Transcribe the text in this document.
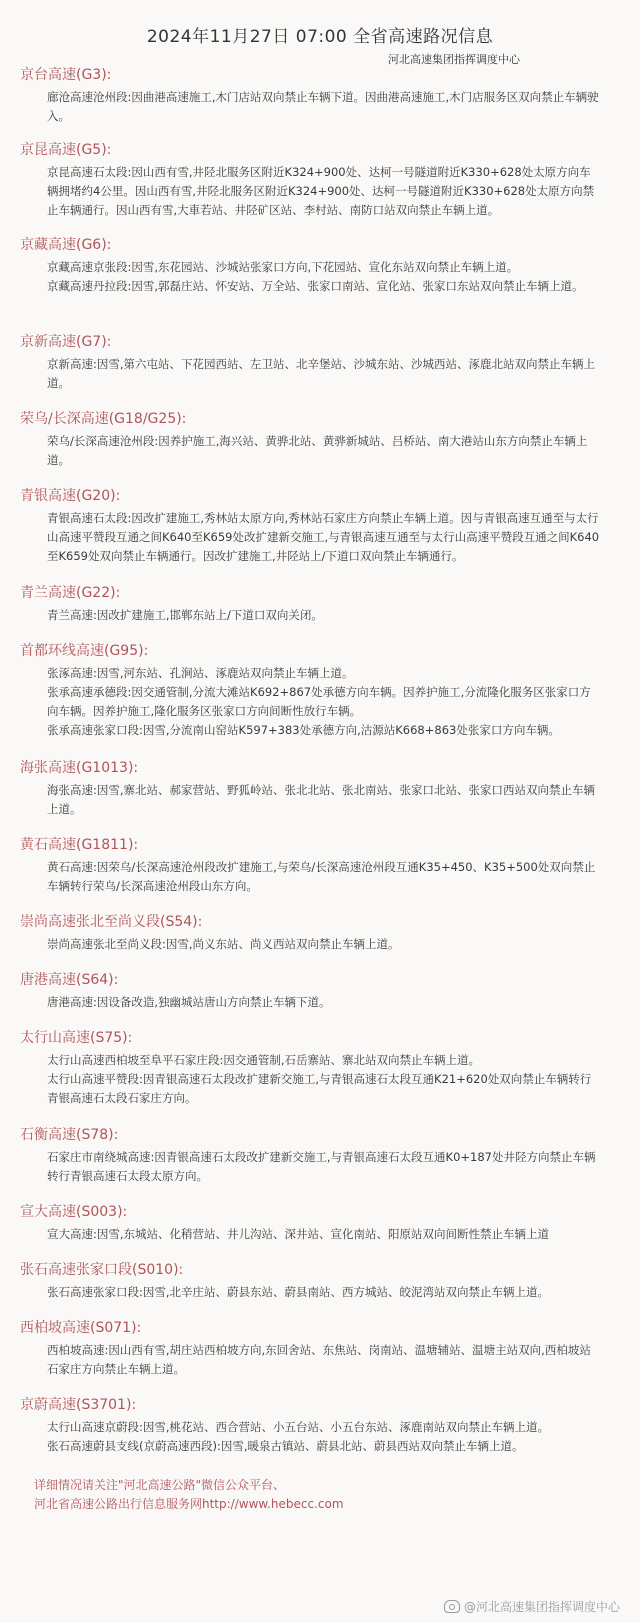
2024年11月27日 07:00 全省高速路况信息
河北高速集团指挥调度中心
京台高速(G3):
廊沧高速沧州段:因曲港高速施工,木门店站双向禁止车辆下道。因曲港高速施工,木门店服务区双向禁止车辆驶入。
京昆高速(G5):
京昆高速石太段:因山西有雪,井陉北服务区附近K324+900处、达柯一号隧道附近K330+628处太原方向车辆拥堵约4公里。因山西有雪,井陉北服务区附近K324+900处、达柯一号隧道附近K330+628处太原方向禁止车辆通行。因山西有雪,大車若站、井陉矿区站、李村站、南防口站双向禁止车辆上道。
京藏高速(G6):
京藏高速京张段:因雪,东花园站、沙城站张家口方向,下花园站、宣化东站双向禁止车辆上道。
京藏高速丹拉段:因雪,郭磊庄站、怀安站、万全站、张家口南站、宣化站、张家口东站双向禁止车辆上道。
京新高速(G7):
京新高速:因雪,第六屯站、下花园西站、左卫站、北辛堡站、沙城东站、沙城西站、涿鹿北站双向禁止车辆上道。
荣乌/长深高速(G18/G25):
荣乌/长深高速沧州段:因养护施工,海兴站、黄骅北站、黄骅新城站、吕桥站、南大港站山东方向禁止车辆上道。
青银高速(G20):
青银高速石太段:因改扩建施工,秀林站太原方向,秀林站石家庄方向禁止车辆上道。因与青银高速互通至与太行山高速平赞段互通之间K640至K659处改扩建新交施工,与青银高速互通至与太行山高速平赞段互通之间K640至K659处双向禁止车辆通行。因改扩建施工,井陉站上/下道口双向禁止车辆通行。
青兰高速(G22):
青兰高速:因改扩建施工,邯郸东站上/下道口双向关闭。
首都环线高速(G95):
张涿高速:因雪,河东站、孔涧站、涿鹿站双向禁止车辆上道。
张承高速承德段:因交通管制,分流大滩站K692+867处承德方向车辆。因养护施工,分流隆化服务区张家口方向车辆。因养护施工,隆化服务区张家口方向间断性放行车辆。
张承高速张家口段:因雪,分流南山窑站K597+383处承德方向,沽源站K668+863处张家口方向车辆。
海张高速(G1013):
海张高速:因雪,寨北站、郝家营站、野狐岭站、张北北站、张北南站、张家口北站、张家口西站双向禁止车辆上道。
黄石高速(G1811):
黄石高速:因荣乌/长深高速沧州段改扩建施工,与荣乌/长深高速沧州段互通K35+450、K35+500处双向禁止车辆转行荣乌/长深高速沧州段山东方向。
崇尚高速张北至尚义段(S54):
崇尚高速张北至尚义段:因雪,尚义东站、尚义西站双向禁止车辆上道。
唐港高速(S64):
唐港高速:因设备改造,独幽城站唐山方向禁止车辆下道。
太行山高速(S75):
太行山高速西柏坡至阜平石家庄段:因交通管制,石岳寨站、寨北站双向禁止车辆上道。
太行山高速平赞段:因青银高速石太段改扩建新交施工,与青银高速石太段互通K21+620处双向禁止车辆转行青银高速石太段石家庄方向。
石衡高速(S78):
石家庄市南绕城高速:因青银高速石太段改扩建新交施工,与青银高速石太段互通K0+187处井陉方向禁止车辆转行青银高速石太段太原方向。
宣大高速(S003):
宣大高速:因雪,东城站、化稍营站、井儿沟站、深井站、宣化南站、阳原站双向间断性禁止车辆上道
张石高速张家口段(S010):
张石高速张家口段:因雪,北辛庄站、蔚县东站、蔚县南站、西方城站、皎泥湾站双向禁止车辆上道。
西柏坡高速(S071):
西柏坡高速:因山西有雪,胡庄站西柏坡方向,东回舍站、东焦站、岗南站、温塘辅站、温塘主站双向,西柏坡站石家庄方向禁止车辆上道。
京蔚高速(S3701):
太行山高速京蔚段:因雪,桃花站、西合营站、小五台站、小五台东站、涿鹿南站双向禁止车辆上道。
张石高速蔚县支线(京蔚高速西段):因雪,暖泉古镇站、蔚县北站、蔚县西站双向禁止车辆上道。
详细情况请关注"河北高速公路"微信公众平台、
河北省高速公路出行信息服务网http://www.hebecc.com
@河北高速集团指挥调度中心
